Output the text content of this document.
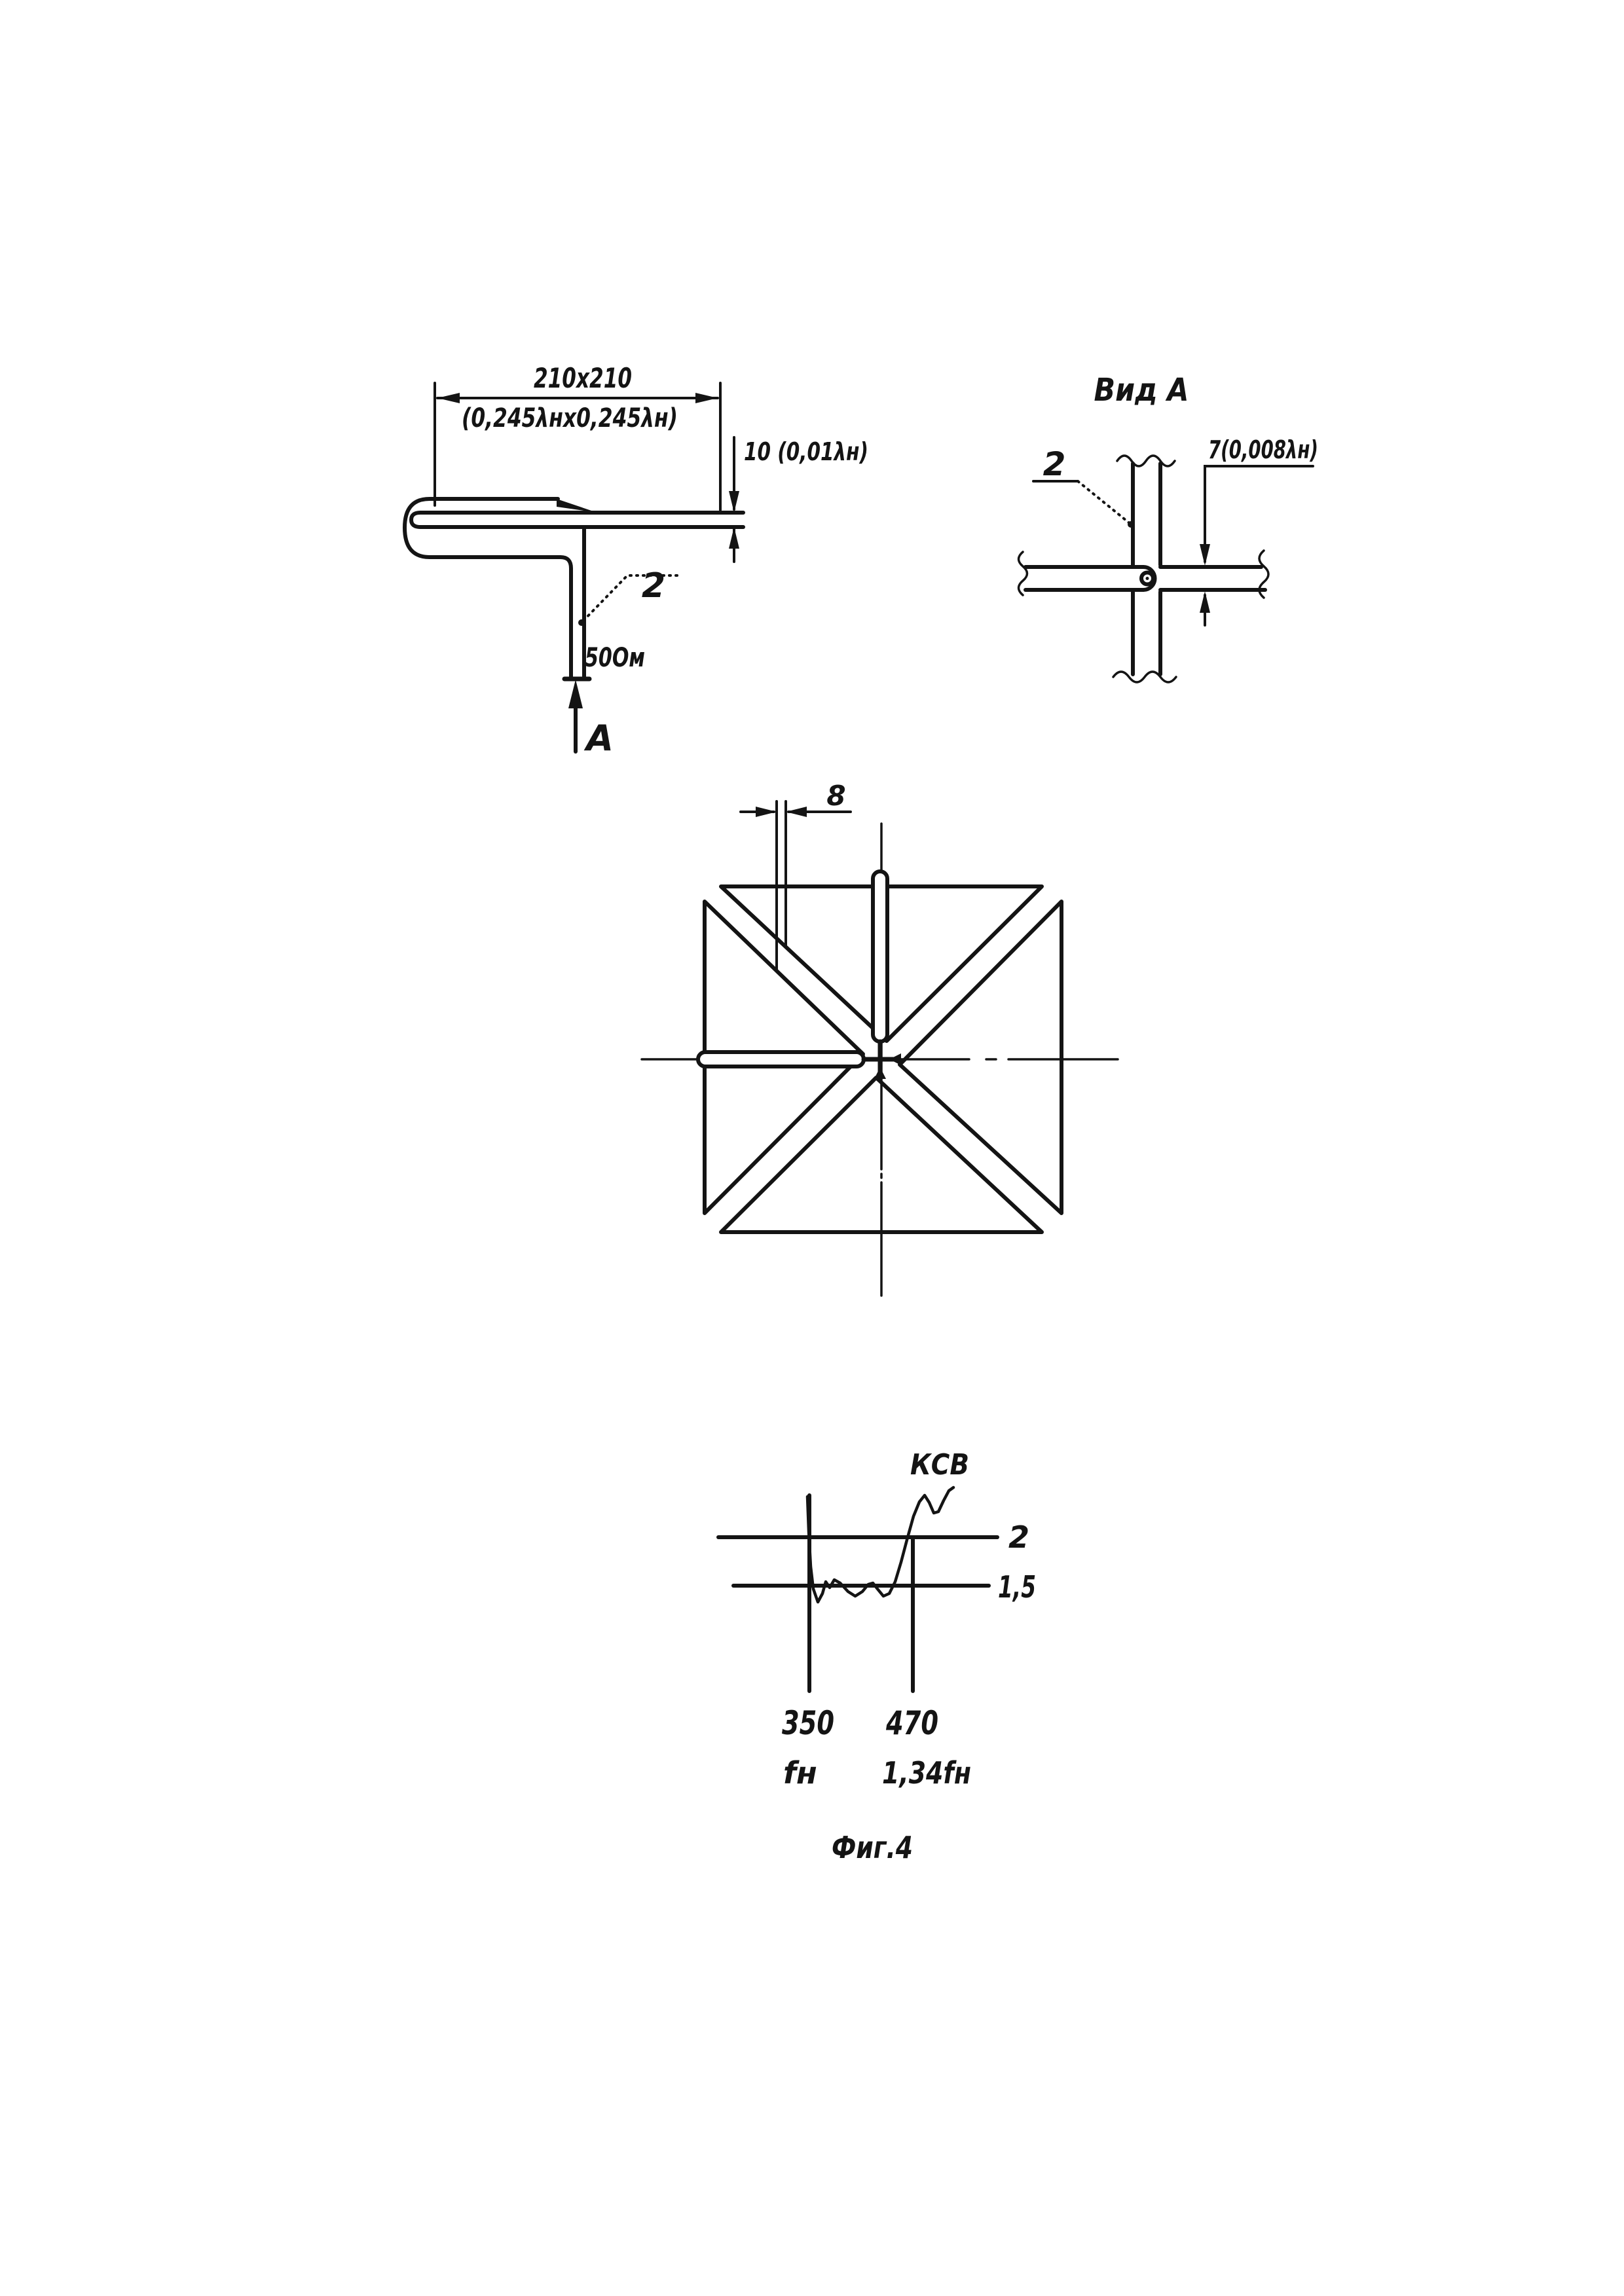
210x210
(0,245λнx0,245λн)
10 (0,01λн)
2
50Ом
А
Вид А
7(0,008λн)
2
8
КСВ
2
1,5
350 470
fн 1,34fн
Фиг.4
